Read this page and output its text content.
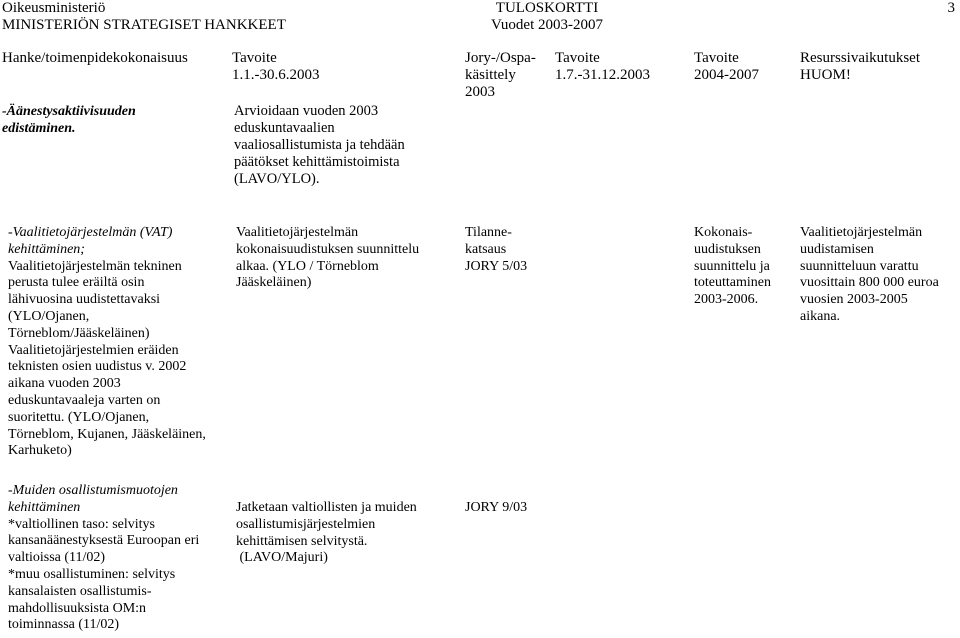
Oikeusministeriö
MINISTERIÖN STRATEGISET HANKKEET
TULOSKORTTI
Vuodet 2003-2007
3
Hanke/toimenpidekokonaisuus	Tavoite
1.1.-30.6.2003
Jory-/Ospa-
käsittely
2003
Tavoite
1.7.-31.12.2003
Tavoite
2004-2007
Resurssivaikutukset
HUOM!
-Äänestysaktiivisuuden
edistäminen.
Arvioidaan vuoden 2003
eduskuntavaalien
vaaliosallistumista ja tehdään
päätökset kehittämistoimista
(LAVO/YLO).
-Vaalitietojärjestelmän (VAT)
kehittäminen;
Vaalitietojärjestelmän tekninen
perusta tulee eräiltä osin
lähivuosina uudistettavaksi
(YLO/Ojanen,
Törneblom/Jääskeläinen)
Vaalitietojärjestelmien eräiden
teknisten osien uudistus v. 2002
aikana vuoden 2003
eduskuntavaaleja varten on
suoritettu. (YLO/Ojanen,
Törneblom, Kujanen, Jääskeläinen,
Karhuketo)
Vaalitietojärjestelmän
kokonaisuudistuksen suunnittelu
alkaa. (YLO / Törneblom
Jääskeläinen)
Tilanne-
katsaus
JORY 5/03
Kokonais-
uudistuksen
suunnittelu ja
toteuttaminen
2003-2006.
Vaalitietojärjestelmän
uudistamisen
suunnitteluun varattu
vuosittain 800 000 euroa
vuosien 2003-2005
aikana.
-Muiden osallistumismuotojen
kehittäminen
*valtiollinen taso: selvitys
kansanäänestyksestä Euroopan eri
valtioissa (11/02)
*muu osallistuminen: selvitys
kansalaisten osallistumis-
mahdollisuuksista OM:n
toiminnassa (11/02)
Jatketaan valtiollisten ja muiden
osallistumisjärjestelmien
kehittämisen selvitystä.
(LAVO/Majuri)
JORY 9/03
